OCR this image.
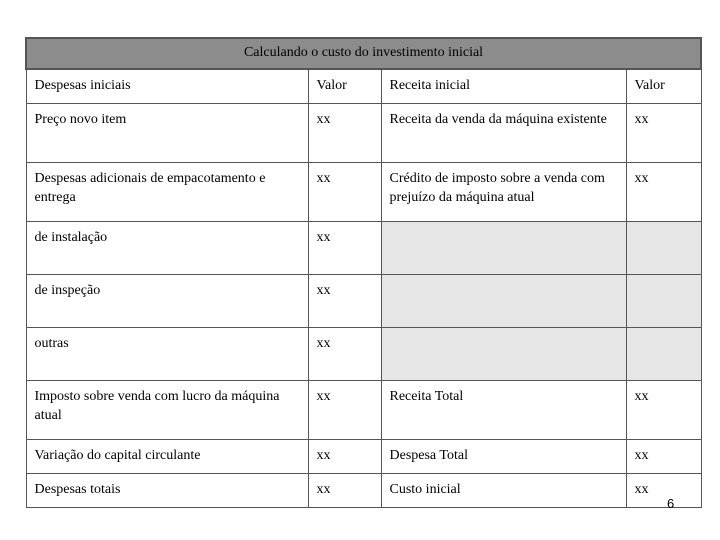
Calculando o custo do investimento inicial			
Despesas iniciais	Valor	Receita inicial	Valor
Preço novo item	xx	Receita da venda da máquina existente	xx
Despesas adicionais de empacotamento e entrega	xx	Crédito de imposto sobre a venda com prejuízo da máquina atual	xx
de instalação	xx		
de inspeção	xx		
outras	xx		
Imposto sobre venda com lucro da máquina atual	xx	Receita Total	xx
Variação do capital circulante	xx	Despesa Total	xx
Despesas totais	xx	Custo inicial	xx
6
